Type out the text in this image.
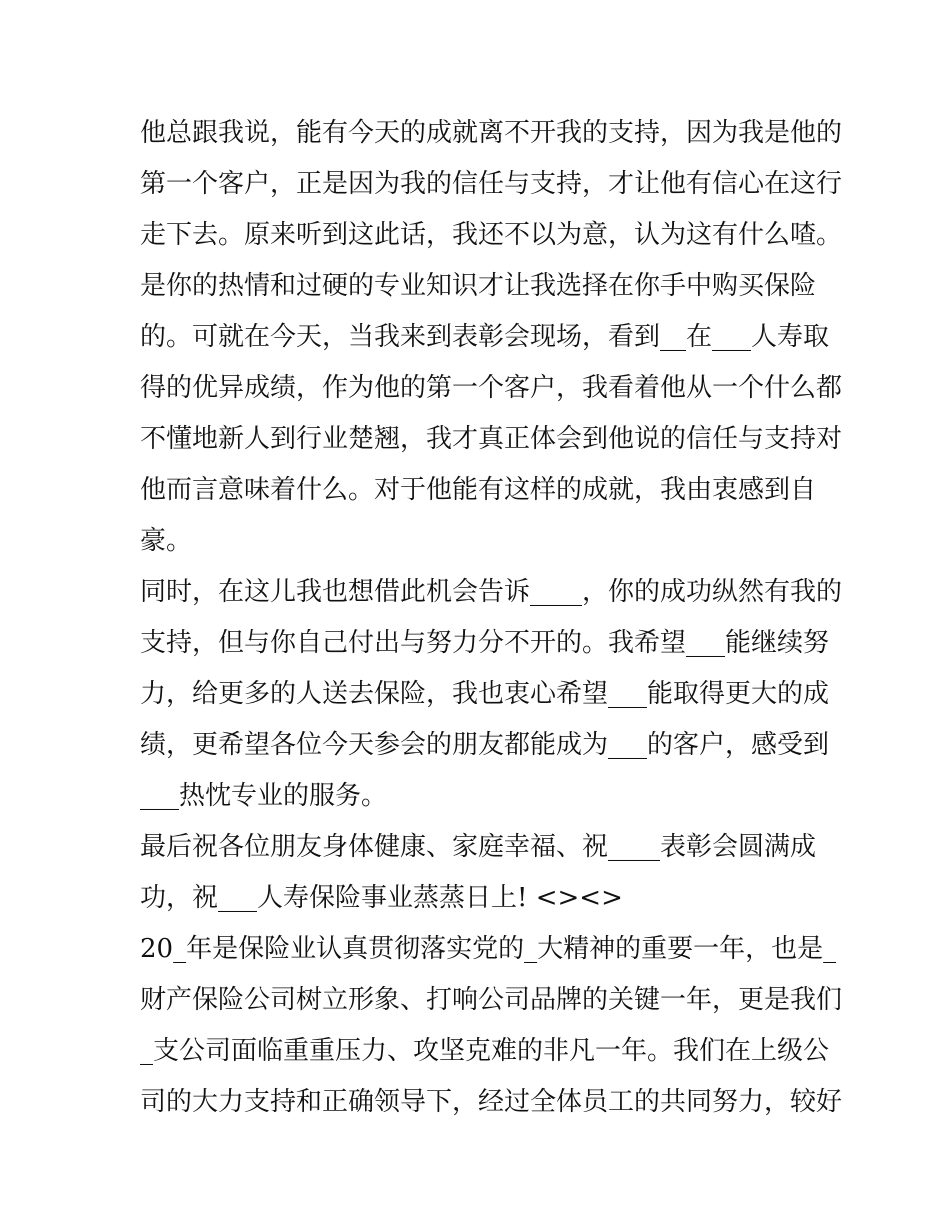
他总跟我说，能有今天的成就离不开我的支持，因为我是他的
第一个客户，正是因为我的信任与支持，才让他有信心在这行
走下去。原来听到这此话，我还不以为意，认为这有什么喳。
是你的热情和过硬的专业知识才让我选择在你手中购买保险
的。可就在今天，当我来到表彰会现场，看到__在___人寿取
得的优异成绩，作为他的第一个客户，我看着他从一个什么都
不懂地新人到行业楚翘，我才真正体会到他说的信任与支持对
他而言意味着什么。对于他能有这样的成就，我由衷感到自
豪。
同时，在这儿我也想借此机会告诉____，你的成功纵然有我的
支持，但与你自己付出与努力分不开的。我希望___能继续努
力，给更多的人送去保险，我也衷心希望___能取得更大的成
绩，更希望各位今天参会的朋友都能成为___的客户，感受到
___热忱专业的服务。
最后祝各位朋友身体健康、家庭幸福、祝____表彰会圆满成
功，祝___人寿保险事业蒸蒸日上! <><>
20_年是保险业认真贯彻落实党的_大精神的重要一年，也是_
财产保险公司树立形象、打响公司品牌的关键一年，更是我们
_支公司面临重重压力、攻坚克难的非凡一年。我们在上级公
司的大力支持和正确领导下，经过全体员工的共同努力，较好
